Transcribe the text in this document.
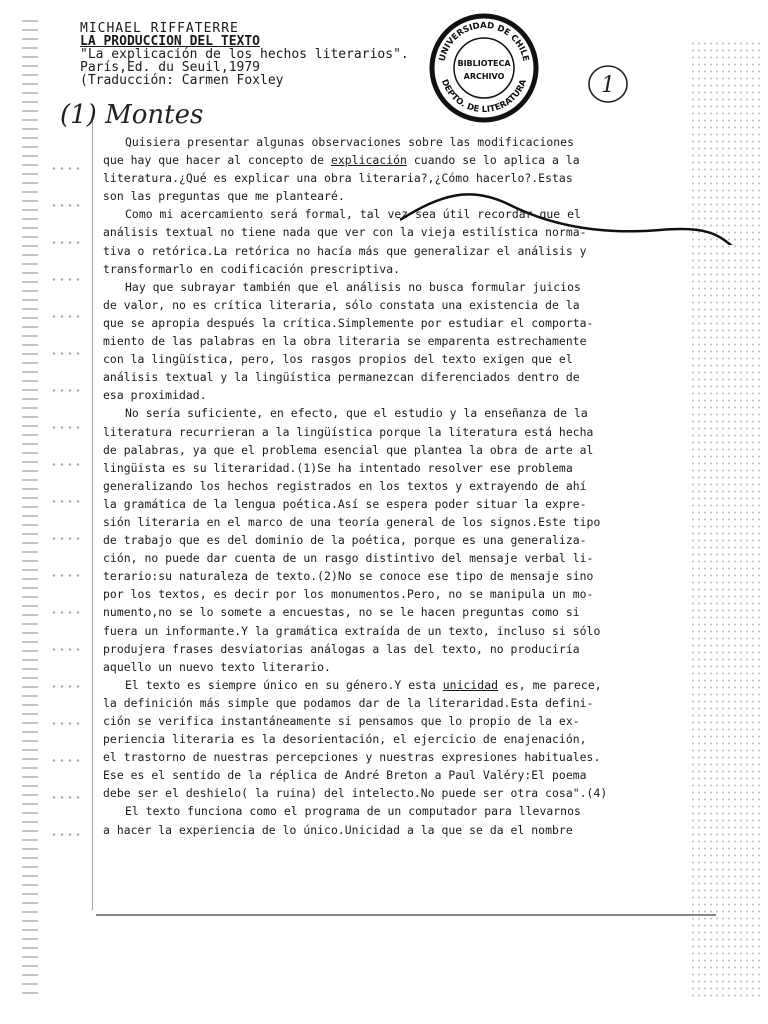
MICHAEL RIFFATERRE
LA PRODUCCION DEL TEXTO
"La explicación de los hechos literarios".
París,Ed. du Seuil,1979
(Traducción: Carmen Foxley
UNIVERSIDAD DE CHILE
DEPTO. DE LITERATURA
BIBLIOTECA
ARCHIVO	1
(1) Montes
Quisiera presentar algunas observaciones sobre las modificaciones
que hay que hacer al concepto de explicación cuando se lo aplica a la
literatura.¿Qué es explicar una obra literaria?,¿Cómo hacerlo?.Estas
son las preguntas que me plantearé.
Como mi acercamiento será formal, tal vez sea útil recordar que el
análisis textual no tiene nada que ver con la vieja estilística norma-
tiva o retórica.La retórica no hacía más que generalizar el análisis y
transformarlo en codificación prescriptiva.
Hay que subrayar también que el análisis no busca formular juicios
de valor, no es crítica literaria, sólo constata una existencia de la
que se apropia después la crítica.Simplemente por estudiar el comporta-
miento de las palabras en la obra literaria se emparenta estrechamente
con la lingüística, pero, los rasgos propios del texto exigen que el
análisis textual y la lingüística permanezcan diferenciados dentro de
esa proximidad.
No sería suficiente, en efecto, que el estudio y la enseñanza de la
literatura recurrieran a la lingüística porque la literatura está hecha
de palabras, ya que el problema esencial que plantea la obra de arte al
lingüista es su literaridad.(1)Se ha intentado resolver ese problema
generalizando los hechos registrados en los textos y extrayendo de ahí
la gramática de la lengua poética.Así se espera poder situar la expre-
sión literaria en el marco de una teoría general de los signos.Este tipo
de trabajo que es del dominio de la poética, porque es una generaliza-
ción, no puede dar cuenta de un rasgo distintivo del mensaje verbal li-
terario:su naturaleza de texto.(2)No se conoce ese tipo de mensaje sino
por los textos, es decir por los monumentos.Pero, no se manipula un mo-
numento,no se lo somete a encuestas, no se le hacen preguntas como si
fuera un informante.Y la gramática extraída de un texto, incluso si sólo
produjera frases desviatorias análogas a las del texto, no produciría
aquello un nuevo texto literario.
El texto es siempre único en su género.Y esta unicidad es, me parece,
la definición más simple que podamos dar de la literaridad.Esta defini-
ción se verifica instantáneamente si pensamos que lo propio de la ex-
periencia literaria es la desorientación, el ejercicio de enajenación,
el trastorno de nuestras percepciones y nuestras expresiones habituales.
Ese es el sentido de la réplica de André Breton a Paul Valéry:El poema
debe ser el deshielo( la ruina) del intelecto.No puede ser otra cosa".(4)
El texto funciona como el programa de un computador para llevarnos
a hacer la experiencia de lo único.Unicidad a la que se da el nombre
